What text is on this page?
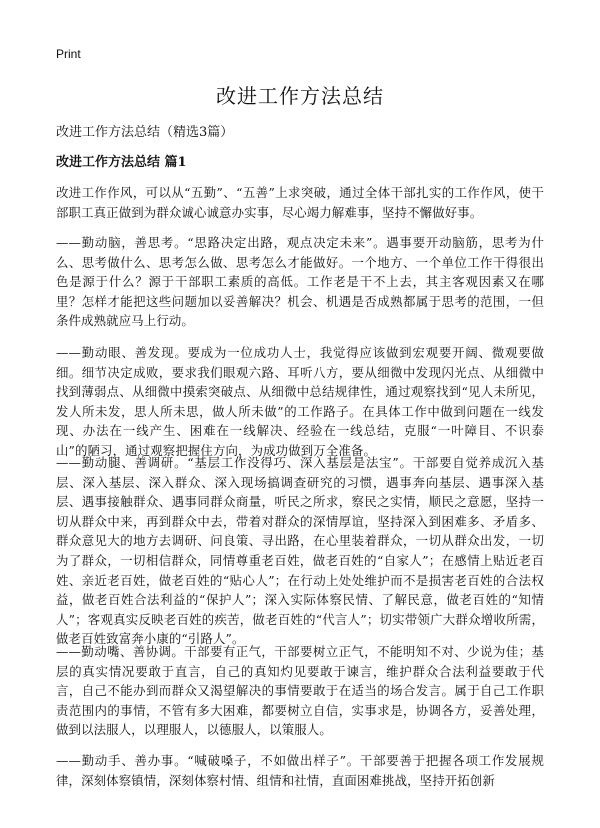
Print
改进工作方法总结
改进工作方法总结（精选3篇）
改进工作方法总结 篇1

改进工作作风，可以从“五勤”、“五善”上求突破，通过全体干部扎实的工作作风，使干部职工真正做到为群众诚心诚意办实事，尽心竭力解难事，坚持不懈做好事。

——勤动脑，善思考。“思路决定出路，观点决定未来”。遇事要开动脑筋，思考为什么、思考做什么、思考怎么做、思考怎么才能做好。一个地方、一个单位工作干得很出色是源于什么？源于干部职工素质的高低。工作老是干不上去，其主客观因素又在哪里？怎样才能把这些问题加以妥善解决？机会、机遇是否成熟都属于思考的范围，一但条件成熟就应马上行动。

——勤动眼、善发现。要成为一位成功人士，我觉得应该做到宏观要开阔、微观要做细。细节决定成败，要求我们眼观六路、耳听八方，要从细微中发现闪光点、从细微中找到薄弱点、从细微中摸索突破点、从细微中总结规律性，通过观察找到“见人未所见，发人所未发，思人所未思，做人所未做”的工作路子。在具体工作中做到问题在一线发现、办法在一线产生、困难在一线解决、经验在一线总结，克服“一叶障目、不识泰山”的陋习，通过观察把握住方向，为成功做到万全准备。

——勤动腿、善调研。“基层工作没得巧、深入基层是法宝”。干部要自觉养成沉入基层、深入基层、深入群众、深入现场搞调查研究的习惯，遇事奔向基层、遇事深入基层、遇事接触群众、遇事同群众商量，听民之所求，察民之实情，顺民之意愿，坚持一切从群众中来，再到群众中去，带着对群众的深情厚谊，坚持深入到困难多、矛盾多、群众意见大的地方去调研、问良策、寻出路，在心里装着群众，一切从群众出发，一切为了群众，一切相信群众，同情尊重老百姓，做老百姓的“自家人”；在感情上贴近老百姓、亲近老百姓，做老百姓的“贴心人”；在行动上处处维护而不是损害老百姓的合法权益，做老百姓合法利益的“保护人”；深入实际体察民情、了解民意，做老百姓的“知情人”；客观真实反映老百姓的疾苦，做老百姓的“代言人”；切实带领广大群众增收所需，做老百姓致富奔小康的“引路人”。

——勤动嘴、善协调。干部要有正气，干部要树立正气，不能明知不对、少说为佳；基层的真实情况要敢于直言，自己的真知灼见要敢于谏言，维护群众合法利益要敢于代言，自己不能办到而群众又渴望解决的事情要敢于在适当的场合发言。属于自己工作职责范围内的事情，不管有多大困难，都要树立自信，实事求是，协调各方，妥善处理，做到以法服人，以理服人，以德服人，以策服人。

——勤动手、善办事。“喊破嗓子，不如做出样子”。干部要善于把握各项工作发展规律，深刻体察镇情，深刻体察村情、组情和社情，直面困难挑战，坚持开拓创新
